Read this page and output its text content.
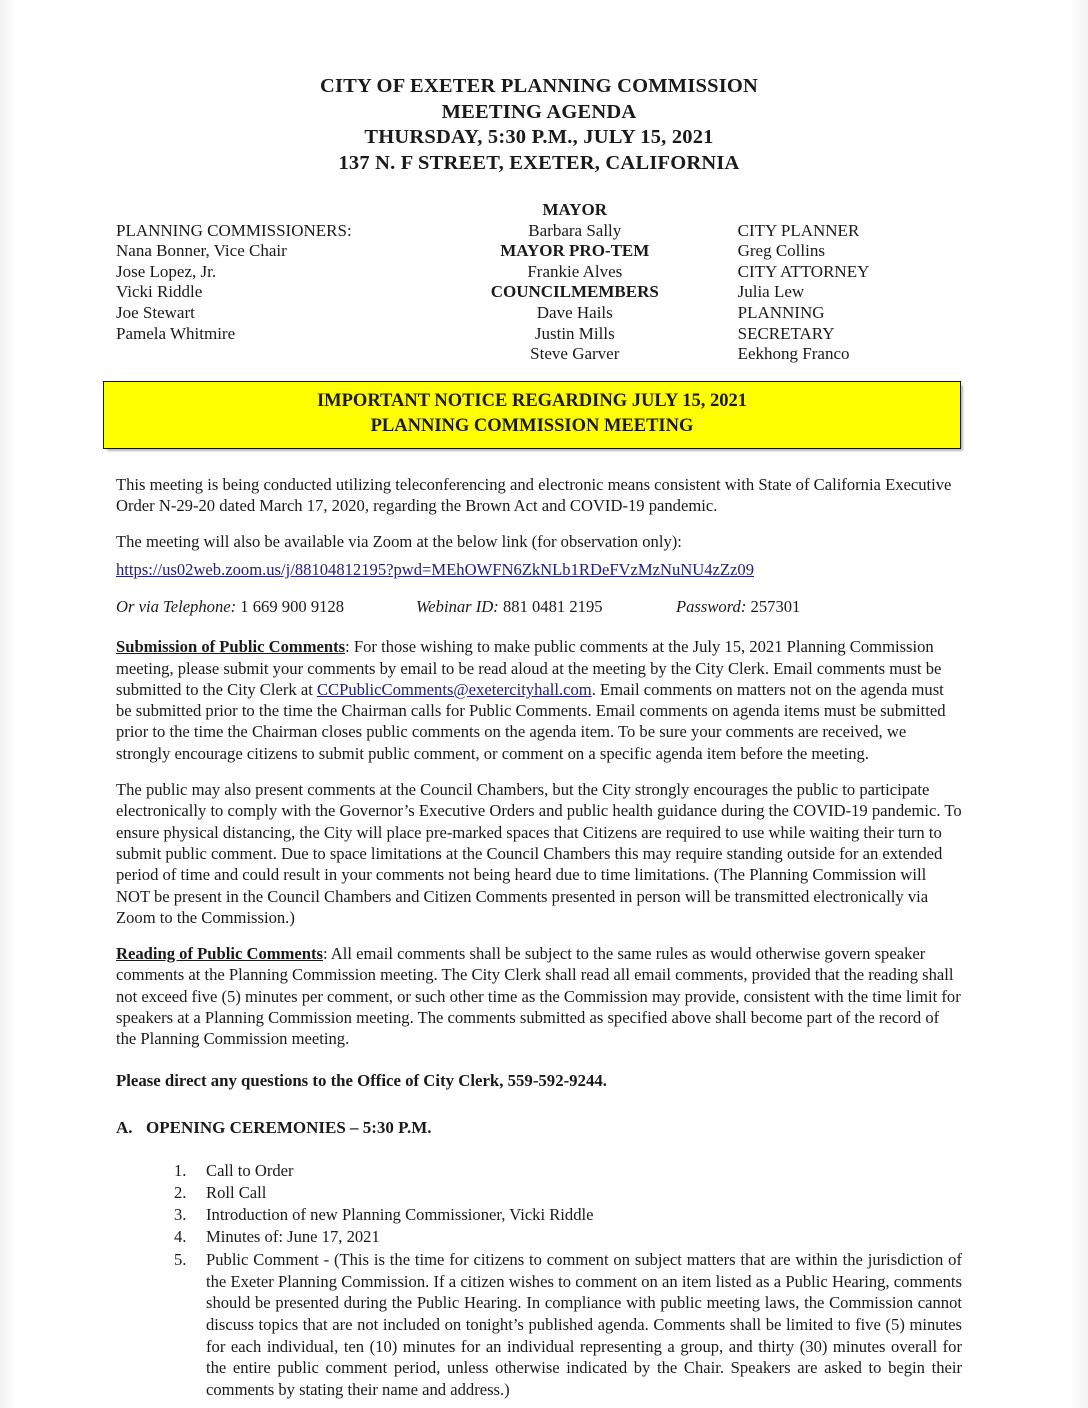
CITY OF EXETER PLANNING COMMISSION
MEETING AGENDA
THURSDAY, 5:30 P.M., JULY 15, 2021
137 N. F STREET, EXETER, CALIFORNIA
PLANNING COMMISSIONERS:
Nana Bonner, Vice Chair
Jose Lopez, Jr.
Vicki Riddle
Joe Stewart
Pamela Whitmire
MAYOR
Barbara Sally
MAYOR PRO-TEM
Frankie Alves
COUNCILMEMBERS
Dave Hails
Justin Mills
Steve Garver
CITY PLANNER
Greg Collins
CITY ATTORNEY
Julia Lew
PLANNING
SECRETARY
Eekhong Franco
IMPORTANT NOTICE REGARDING JULY 15, 2021
PLANNING COMMISSION MEETING

This meeting is being conducted utilizing teleconferencing and electronic means consistent with State of California Executive Order N-29-20 dated March 17, 2020, regarding the Brown Act and COVID-19 pandemic.

The meeting will also be available via Zoom at the below link (for observation only):

https://us02web.zoom.us/j/88104812195?pwd=MEhOWFN6ZkNLb1RDeFVzMzNuNU4zZz09

Or via Telephone: 1 669 900 9128	Webinar ID: 881 0481 2195	Password: 257301

Submission of Public Comments: For those wishing to make public comments at the July 15, 2021 Planning Commission meeting, please submit your comments by email to be read aloud at the meeting by the City Clerk. Email comments must be submitted to the City Clerk at CCPublicComments@exetercityhall.com. Email comments on matters not on the agenda must be submitted prior to the time the Chairman calls for Public Comments. Email comments on agenda items must be submitted prior to the time the Chairman closes public comments on the agenda item. To be sure your comments are received, we strongly encourage citizens to submit public comment, or comment on a specific agenda item before the meeting.

The public may also present comments at the Council Chambers, but the City strongly encourages the public to participate electronically to comply with the Governor’s Executive Orders and public health guidance during the COVID-19 pandemic. To ensure physical distancing, the City will place pre-marked spaces that Citizens are required to use while waiting their turn to submit public comment. Due to space limitations at the Council Chambers this may require standing outside for an extended period of time and could result in your comments not being heard due to time limitations. (The Planning Commission will NOT be present in the Council Chambers and Citizen Comments presented in person will be transmitted electronically via Zoom to the Commission.)

Reading of Public Comments: All email comments shall be subject to the same rules as would otherwise govern speaker comments at the Planning Commission meeting. The City Clerk shall read all email comments, provided that the reading shall not exceed five (5) minutes per comment, or such other time as the Commission may provide, consistent with the time limit for speakers at a Planning Commission meeting. The comments submitted as specified above shall become part of the record of the Planning Commission meeting.

Please direct any questions to the Office of City Clerk, 559-592-9244.
A. OPENING CEREMONIES – 5:30 P.M.
1.	Call to Order
2.	Roll Call
3.	Introduction of new Planning Commissioner, Vicki Riddle
4.	Minutes of: June 17, 2021
5.	Public Comment - (This is the time for citizens to comment on subject matters that are within the jurisdiction of the Exeter Planning Commission. If a citizen wishes to comment on an item listed as a Public Hearing, comments should be presented during the Public Hearing. In compliance with public meeting laws, the Commission cannot discuss topics that are not included on tonight’s published agenda. Comments shall be limited to five (5) minutes for each individual, ten (10) minutes for an individual representing a group, and thirty (30) minutes overall for the entire public comment period, unless otherwise indicated by the Chair. Speakers are asked to begin their comments by stating their name and address.)
